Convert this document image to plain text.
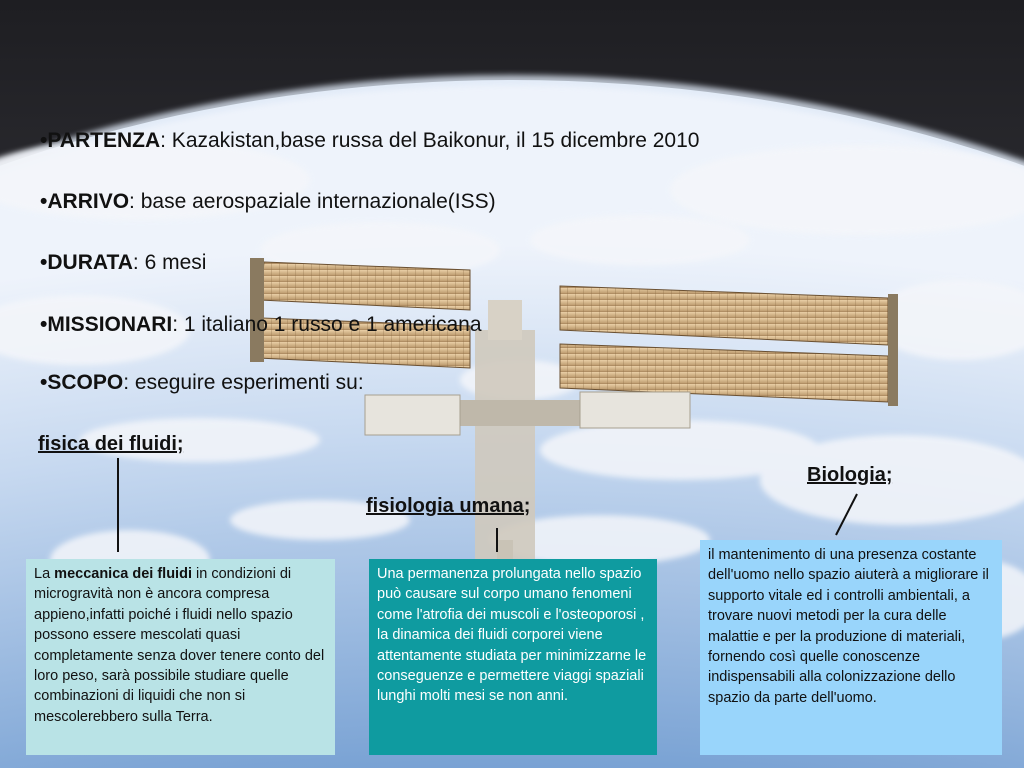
•PARTENZA: Kazakistan,base russa del Baikonur, il 15 dicembre 2010
•ARRIVO: base aerospaziale internazionale(ISS)
•DURATA: 6 mesi
•MISSIONARI: 1 italiano 1 russo e 1 americana
•SCOPO: eseguire esperimenti su:
fisica dei fluidi;
fisiologia umana;
Biologia;
La meccanica dei fluidi in condizioni di microgravità non è ancora compresa appieno,infatti poiché i fluidi nello spazio possono essere mescolati quasi completamente senza dover tenere conto del loro peso, sarà possibile studiare quelle combinazioni di liquidi che non si mescolerebbero sulla Terra.
Una permanenza prolungata nello spazio può causare sul corpo umano fenomeni come l'atrofia dei muscoli e l'osteoporosi , la dinamica dei fluidi corporei viene attentamente studiata per minimizzarne le conseguenze e permettere viaggi spaziali lunghi molti mesi se non anni.
il mantenimento di una presenza costante dell'uomo nello spazio aiuterà a migliorare il supporto vitale ed i controlli ambientali, a trovare nuovi metodi per la cura delle malattie e per la produzione di materiali, fornendo così quelle conoscenze indispensabili alla colonizzazione dello spazio da parte dell'uomo.
